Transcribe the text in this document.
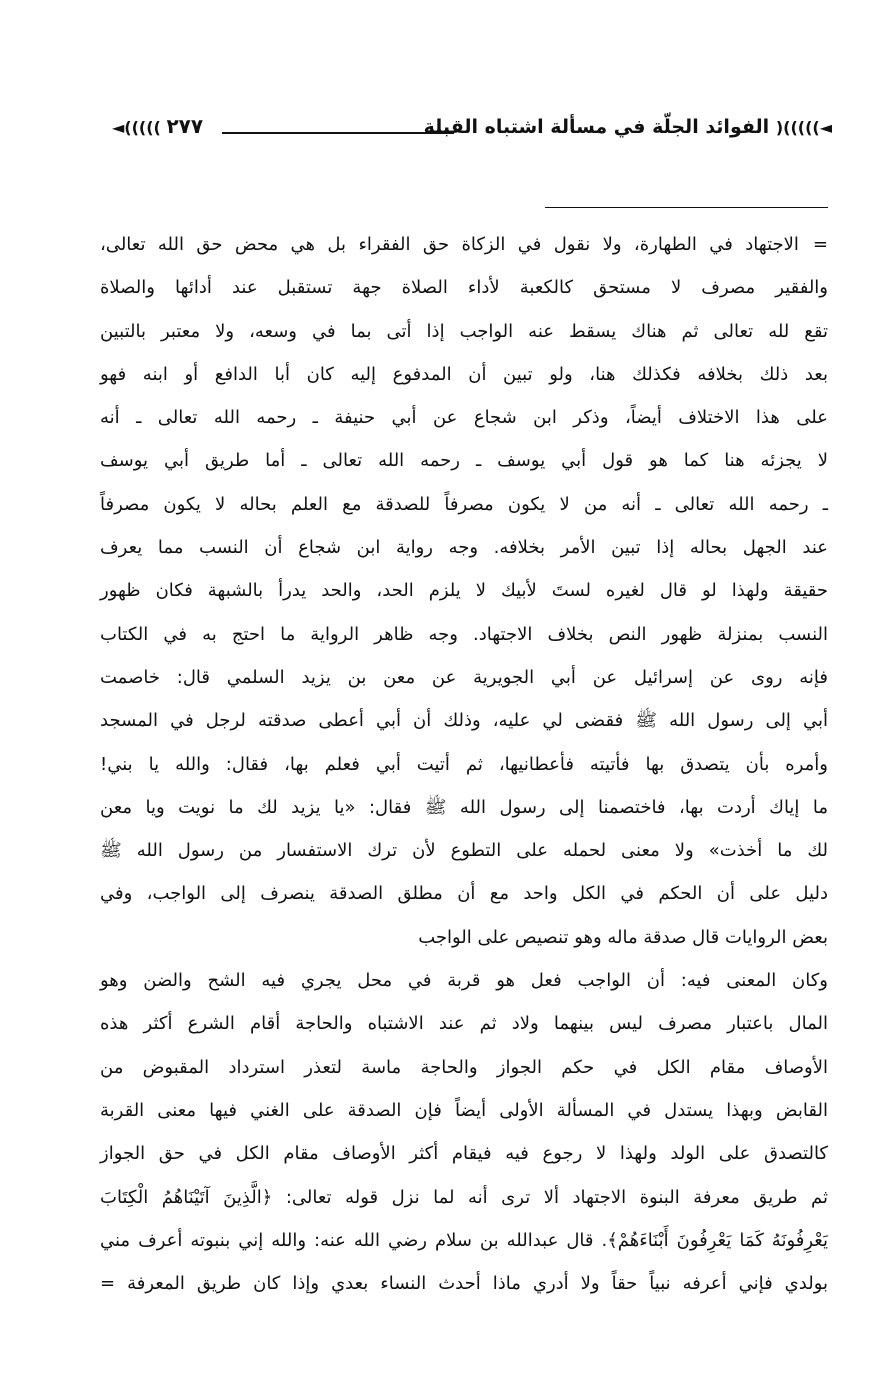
◄)))))( الفوائد الجلّة في مسألة اشتباه القبلة
◄((((( ٢٧٧
=الاجتهاد في الطهارة، ولا نقول في الزكاة حق الفقراء بل هي محض حق الله تعالى،
والفقير مصرف لا مستحق كالكعبة لأداء الصلاة جهة تستقبل عند أدائها والصلاة
تقع لله تعالى ثم هناك يسقط عنه الواجب إذا أتى بما في وسعه، ولا معتبر بالتبين
بعد ذلك بخلافه فكذلك هنا، ولو تبين أن المدفوع إليه كان أبا الدافع أو ابنه فهو
على هذا الاختلاف أيضاً، وذكر ابن شجاع عن أبي حنيفة ـ رحمه الله تعالى ـ أنه
لا يجزئه هنا كما هو قول أبي يوسف ـ رحمه الله تعالى ـ أما طريق أبي يوسف
ـ رحمه الله تعالى ـ أنه من لا يكون مصرفاً للصدقة مع العلم بحاله لا يكون مصرفاً
عند الجهل بحاله إذا تبين الأمر بخلافه. وجه رواية ابن شجاع أن النسب مما يعرف
حقيقة ولهذا لو قال لغيره لستَ لأبيك لا يلزم الحد، والحد يدرأ بالشبهة فكان ظهور
النسب بمنزلة ظهور النص بخلاف الاجتهاد. وجه ظاهر الرواية ما احتج به في الكتاب
فإنه روى عن إسرائيل عن أبي الجويرية عن معن بن يزيد السلمي قال: خاصمت
أبي إلى رسول الله ﷺ فقضى لي عليه، وذلك أن أبي أعطى صدقته لرجل في المسجد
وأمره بأن يتصدق بها فأتيته فأعطانيها، ثم أتيت أبي فعلم بها، فقال: والله يا بني!
ما إياك أردت بها، فاختصمنا إلى رسول الله ﷺ فقال: «يا يزيد لك ما نويت ويا معن
لك ما أخذت» ولا معنى لحمله على التطوع لأن ترك الاستفسار من رسول الله ﷺ
دليل على أن الحكم في الكل واحد مع أن مطلق الصدقة ينصرف إلى الواجب، وفي
بعض الروايات قال صدقة ماله وهو تنصيص على الواجب
وكان المعنى فيه: أن الواجب فعل هو قربة في محل يجري فيه الشح والضن وهو
المال باعتبار مصرف ليس بينهما ولاد ثم عند الاشتباه والحاجة أقام الشرع أكثر هذه
الأوصاف مقام الكل في حكم الجواز والحاجة ماسة لتعذر استرداد المقبوض من
القابض وبهذا يستدل في المسألة الأولى أيضاً فإن الصدقة على الغني فيها معنى القربة
كالتصدق على الولد ولهذا لا رجوع فيه فيقام أكثر الأوصاف مقام الكل في حق الجواز
ثم طريق معرفة البنوة الاجتهاد ألا ترى أنه لما نزل قوله تعالى: ﴿الَّذِينَ آتَيْنَاهُمُ الْكِتَابَ
يَعْرِفُونَهُ كَمَا يَعْرِفُونَ أَبْنَاءَهُمْ﴾. قال عبدالله بن سلام رضي الله عنه: والله إني بنبوته أعرف مني
بولدي فإني أعرفه نبياً حقاً ولا أدري ماذا أحدث النساء بعدي وإذا كان طريق المعرفة =
